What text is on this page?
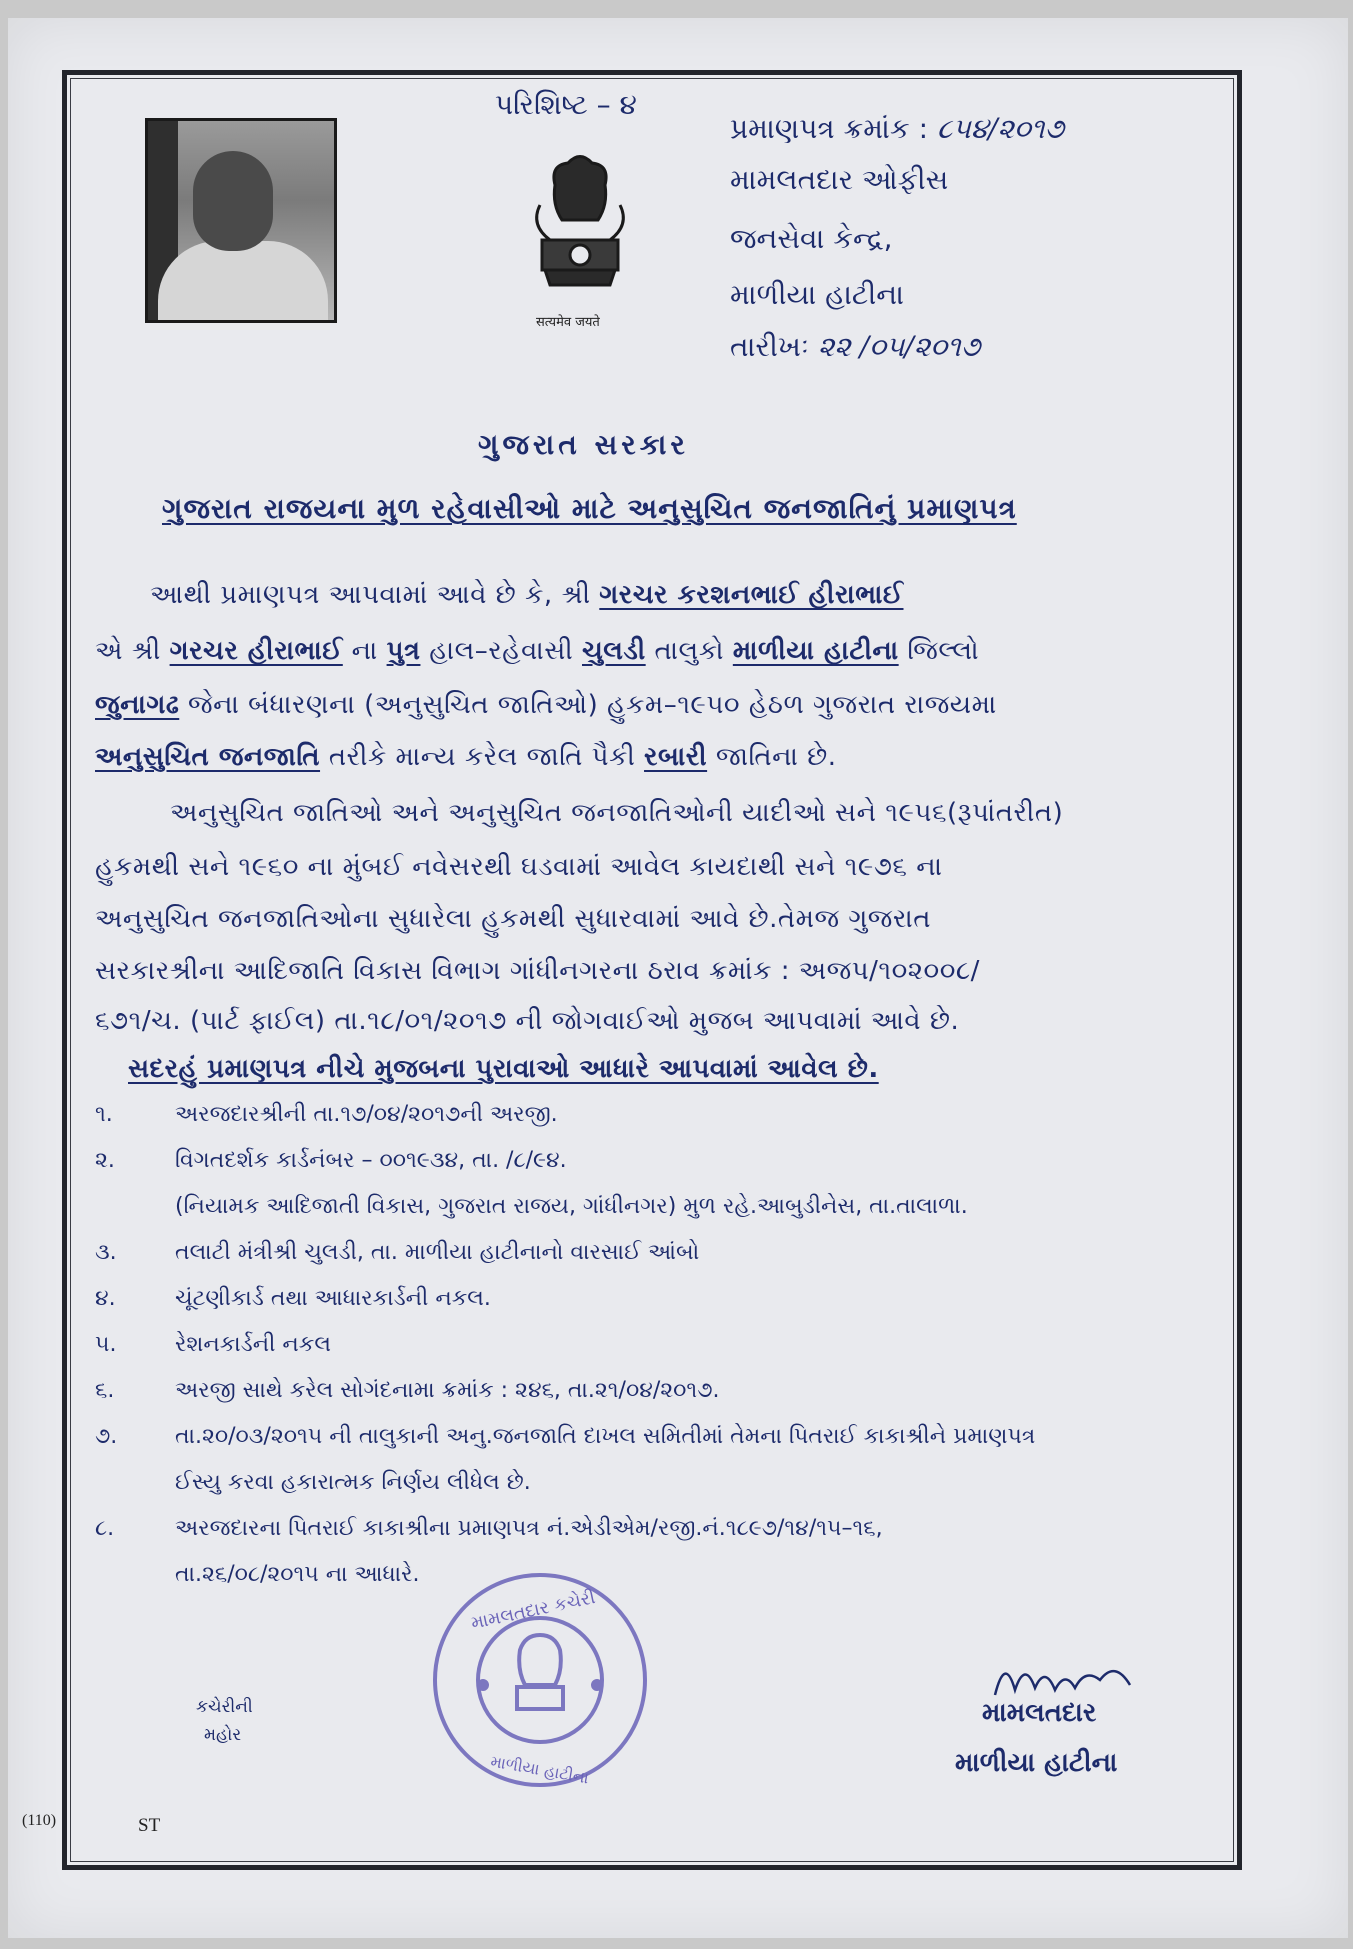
પરિશિષ્ટ – ૪
सत्यमेव जयते
પ્રમાણપત્ર ક્રમાંક : ૮૫૪/૨૦૧૭
મામલતદાર ઓફીસ
જનસેવા કેન્દ્ર,
માળીયા હાટીના
તારીખઃ ૨૨ /૦૫/૨૦૧૭
ગુજરાત સરકાર
ગુજરાત રાજયના મુળ રહેવાસીઓ માટે અનુસુચિત જનજાતિનું પ્રમાણપત્ર
આથી પ્રમાણપત્ર આપવામાં આવે છે કે, શ્રી ગરચર કરશનભાઈ હીરાભાઈ
એ શ્રી ગરચર હીરાભાઈ ના પુત્ર હાલ–રહેવાસી ચુલડી તાલુકો માળીયા હાટીના જિલ્લો
જુનાગઢ જેના બંધારણના (અનુસુચિત જાતિઓ) હુકમ–૧૯૫૦ હેઠળ ગુજરાત રાજયમા
અનુસુચિત જનજાતિ તરીકે માન્ય કરેલ જાતિ પૈકી રબારી જાતિના છે.
અનુસુચિત જાતિઓ અને અનુસુચિત જનજાતિઓની યાદીઓ સને ૧૯૫૬(રૂપાંતરીત)
હુકમથી સને ૧૯૬૦ ના મુંબઈ નવેસરથી ઘડવામાં આવેલ કાયદાથી સને ૧૯૭૬ ના
અનુસુચિત જનજાતિઓના સુધારેલા હુકમથી સુધારવામાં આવે છે.તેમજ ગુજરાત
સરકારશ્રીના આદિજાતિ વિકાસ વિભાગ ગાંધીનગરના ઠરાવ ક્રમાંક : અજપ/૧૦૨૦૦૮/
૬૭૧/ચ. (પાર્ટ ફાઈલ) તા.૧૮/૦૧/૨૦૧૭ ની જોગવાઈઓ મુજબ આપવામાં આવે છે.
સદરહું પ્રમાણપત્ર નીચે મુજબના પુરાવાઓ આધારે આપવામાં આવેલ છે.
૧.	અરજદારશ્રીની તા.૧૭/૦૪/૨૦૧૭ની અરજી.
૨.	વિગતદર્શક કાર્ડનંબર – ૦૦૧૯૩૪, તા. /૮/૯૪.
(નિયામક આદિજાતી વિકાસ, ગુજરાત રાજય, ગાંધીનગર) મુળ રહે.આબુડીનેસ, તા.તાલાળા.
૩.	તલાટી મંત્રીશ્રી ચુલડી, તા. માળીયા હાટીનાનો વારસાઈ આંબો
૪.	ચૂંટણીકાર્ડ તથા આધારકાર્ડની નકલ.
૫.	રેશનકાર્ડની નકલ
૬.	અરજી સાથે કરેલ સોગંદનામા ક્રમાંક : ૨૪૬, તા.૨૧/૦૪/૨૦૧૭.
૭.	તા.૨૦/૦૩/૨૦૧૫ ની તાલુકાની અનુ.જનજાતિ દાખલ સમિતીમાં તેમના પિતરાઈ કાકાશ્રીને પ્રમાણપત્ર
ઈસ્યુ કરવા હકારાત્મક નિર્ણય લીધેલ છે.
૮.	અરજદારના પિતરાઈ કાકાશ્રીના પ્રમાણપત્ર નં.એડીએમ/રજી.નં.૧૮૯૭/૧૪/૧૫–૧૬,
તા.૨૬/૦૮/૨૦૧૫ ના આધારે.
મામલતદાર કચેરી
માળીયા હાટીના
કચેરીની
મહોર
મામલતદાર
માળીયા હાટીના
(110)	ST
